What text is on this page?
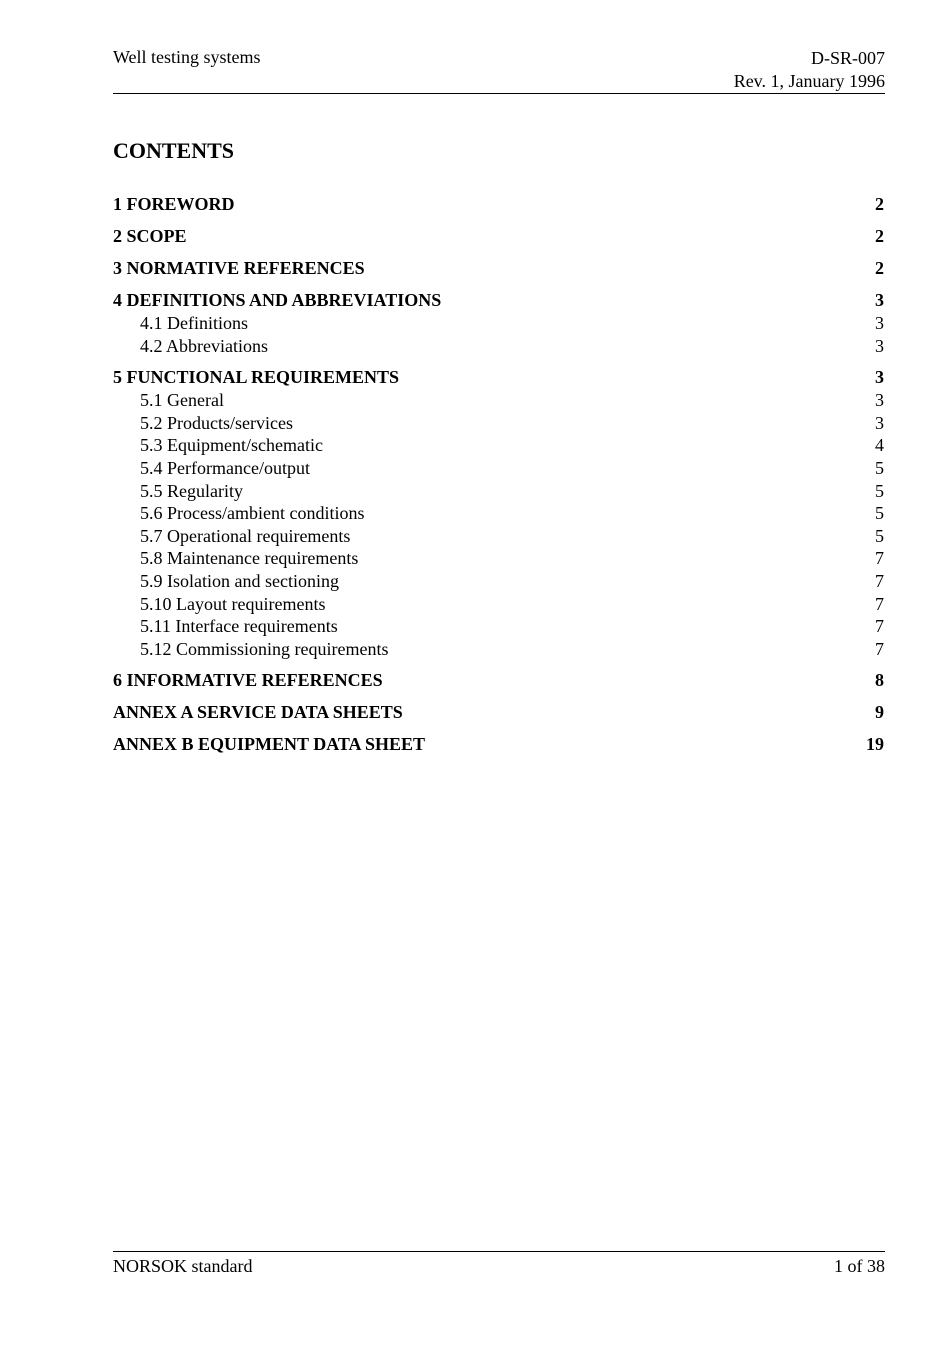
Well testing systems	D-SR-007
Rev. 1, January 1996
CONTENTS
1 FOREWORD	2
2 SCOPE	2
3 NORMATIVE REFERENCES	2
4 DEFINITIONS AND ABBREVIATIONS	3
4.1 Definitions	3
4.2 Abbreviations	3
5 FUNCTIONAL REQUIREMENTS	3
5.1 General	3
5.2 Products/services	3
5.3 Equipment/schematic	4
5.4 Performance/output	5
5.5 Regularity	5
5.6 Process/ambient conditions	5
5.7 Operational requirements	5
5.8 Maintenance requirements	7
5.9 Isolation and sectioning	7
5.10 Layout requirements	7
5.11 Interface requirements	7
5.12 Commissioning requirements	7
6 INFORMATIVE REFERENCES	8
ANNEX A SERVICE DATA SHEETS	9
ANNEX B EQUIPMENT DATA SHEET	19
NORSOK standard	1 of 38
